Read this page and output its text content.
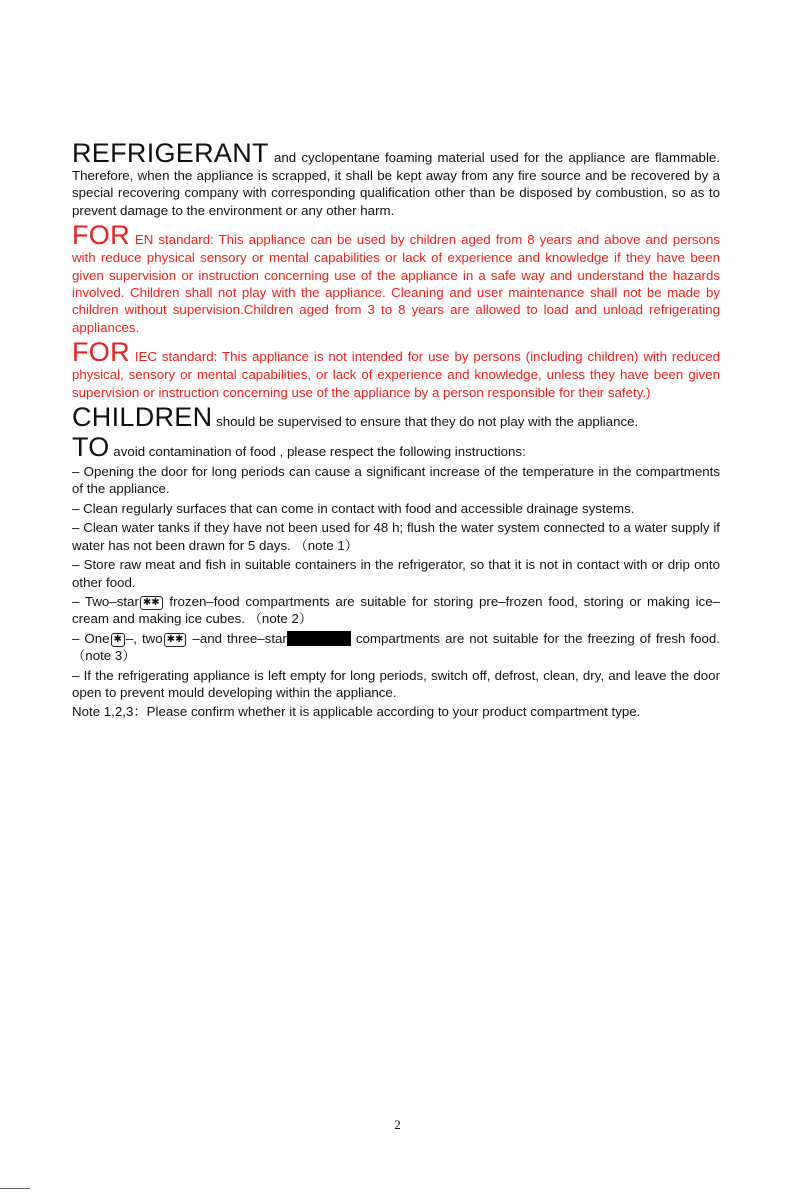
REFRIGERANT and cyclopentane foaming material used for the appliance are flammable. Therefore, when the appliance is scrapped, it shall be kept away from any fire source and be recovered by a special recovering company with corresponding qualification other than be disposed by combustion, so as to prevent damage to the environment or any other harm.

FOR EN standard: This appliance can be used by children aged from 8 years and above and persons with reduce physical sensory or mental capabilities or lack of experience and knowledge if they have been given supervision or instruction concerning use of the appliance in a safe way and understand the hazards involved. Children shall not play with the appliance. Cleaning and user maintenance shall not be made by children without supervision.Children aged from 3 to 8 years are allowed to load and unload refrigerating appliances.

FOR IEC standard: This appliance is not intended for use by persons (including children) with reduced physical, sensory or mental capabilities, or lack of experience and knowledge, unless they have been given supervision or instruction concerning use of the appliance by a person responsible for their safety.)

CHILDREN should be supervised to ensure that they do not play with the appliance.

TO avoid contamination of food , please respect the following instructions:

– Opening the door for long periods can cause a significant increase of the temperature in the compartments of the appliance.

– Clean regularly surfaces that can come in contact with food and accessible drainage systems.

– Clean water tanks if they have not been used for 48 h; flush the water system connected to a water supply if water has not been drawn for 5 days. （note 1）

– Store raw meat and fish in suitable containers in the refrigerator, so that it is not in contact with or drip onto other food.

– Two–star ✱✱ frozen–food compartments are suitable for storing pre–frozen food, storing or making ice–cream and making ice cubes. （note 2）

– One ✱ –, two ✱✱ –and three–star	compartments are not suitable for the freezing of fresh food.（note 3）

– If the refrigerating appliance is left empty for long periods, switch off, defrost, clean, dry, and leave the door open to prevent mould developing within the appliance.

Note 1,2,3：Please confirm whether it is applicable according to your product compartment type.

2
